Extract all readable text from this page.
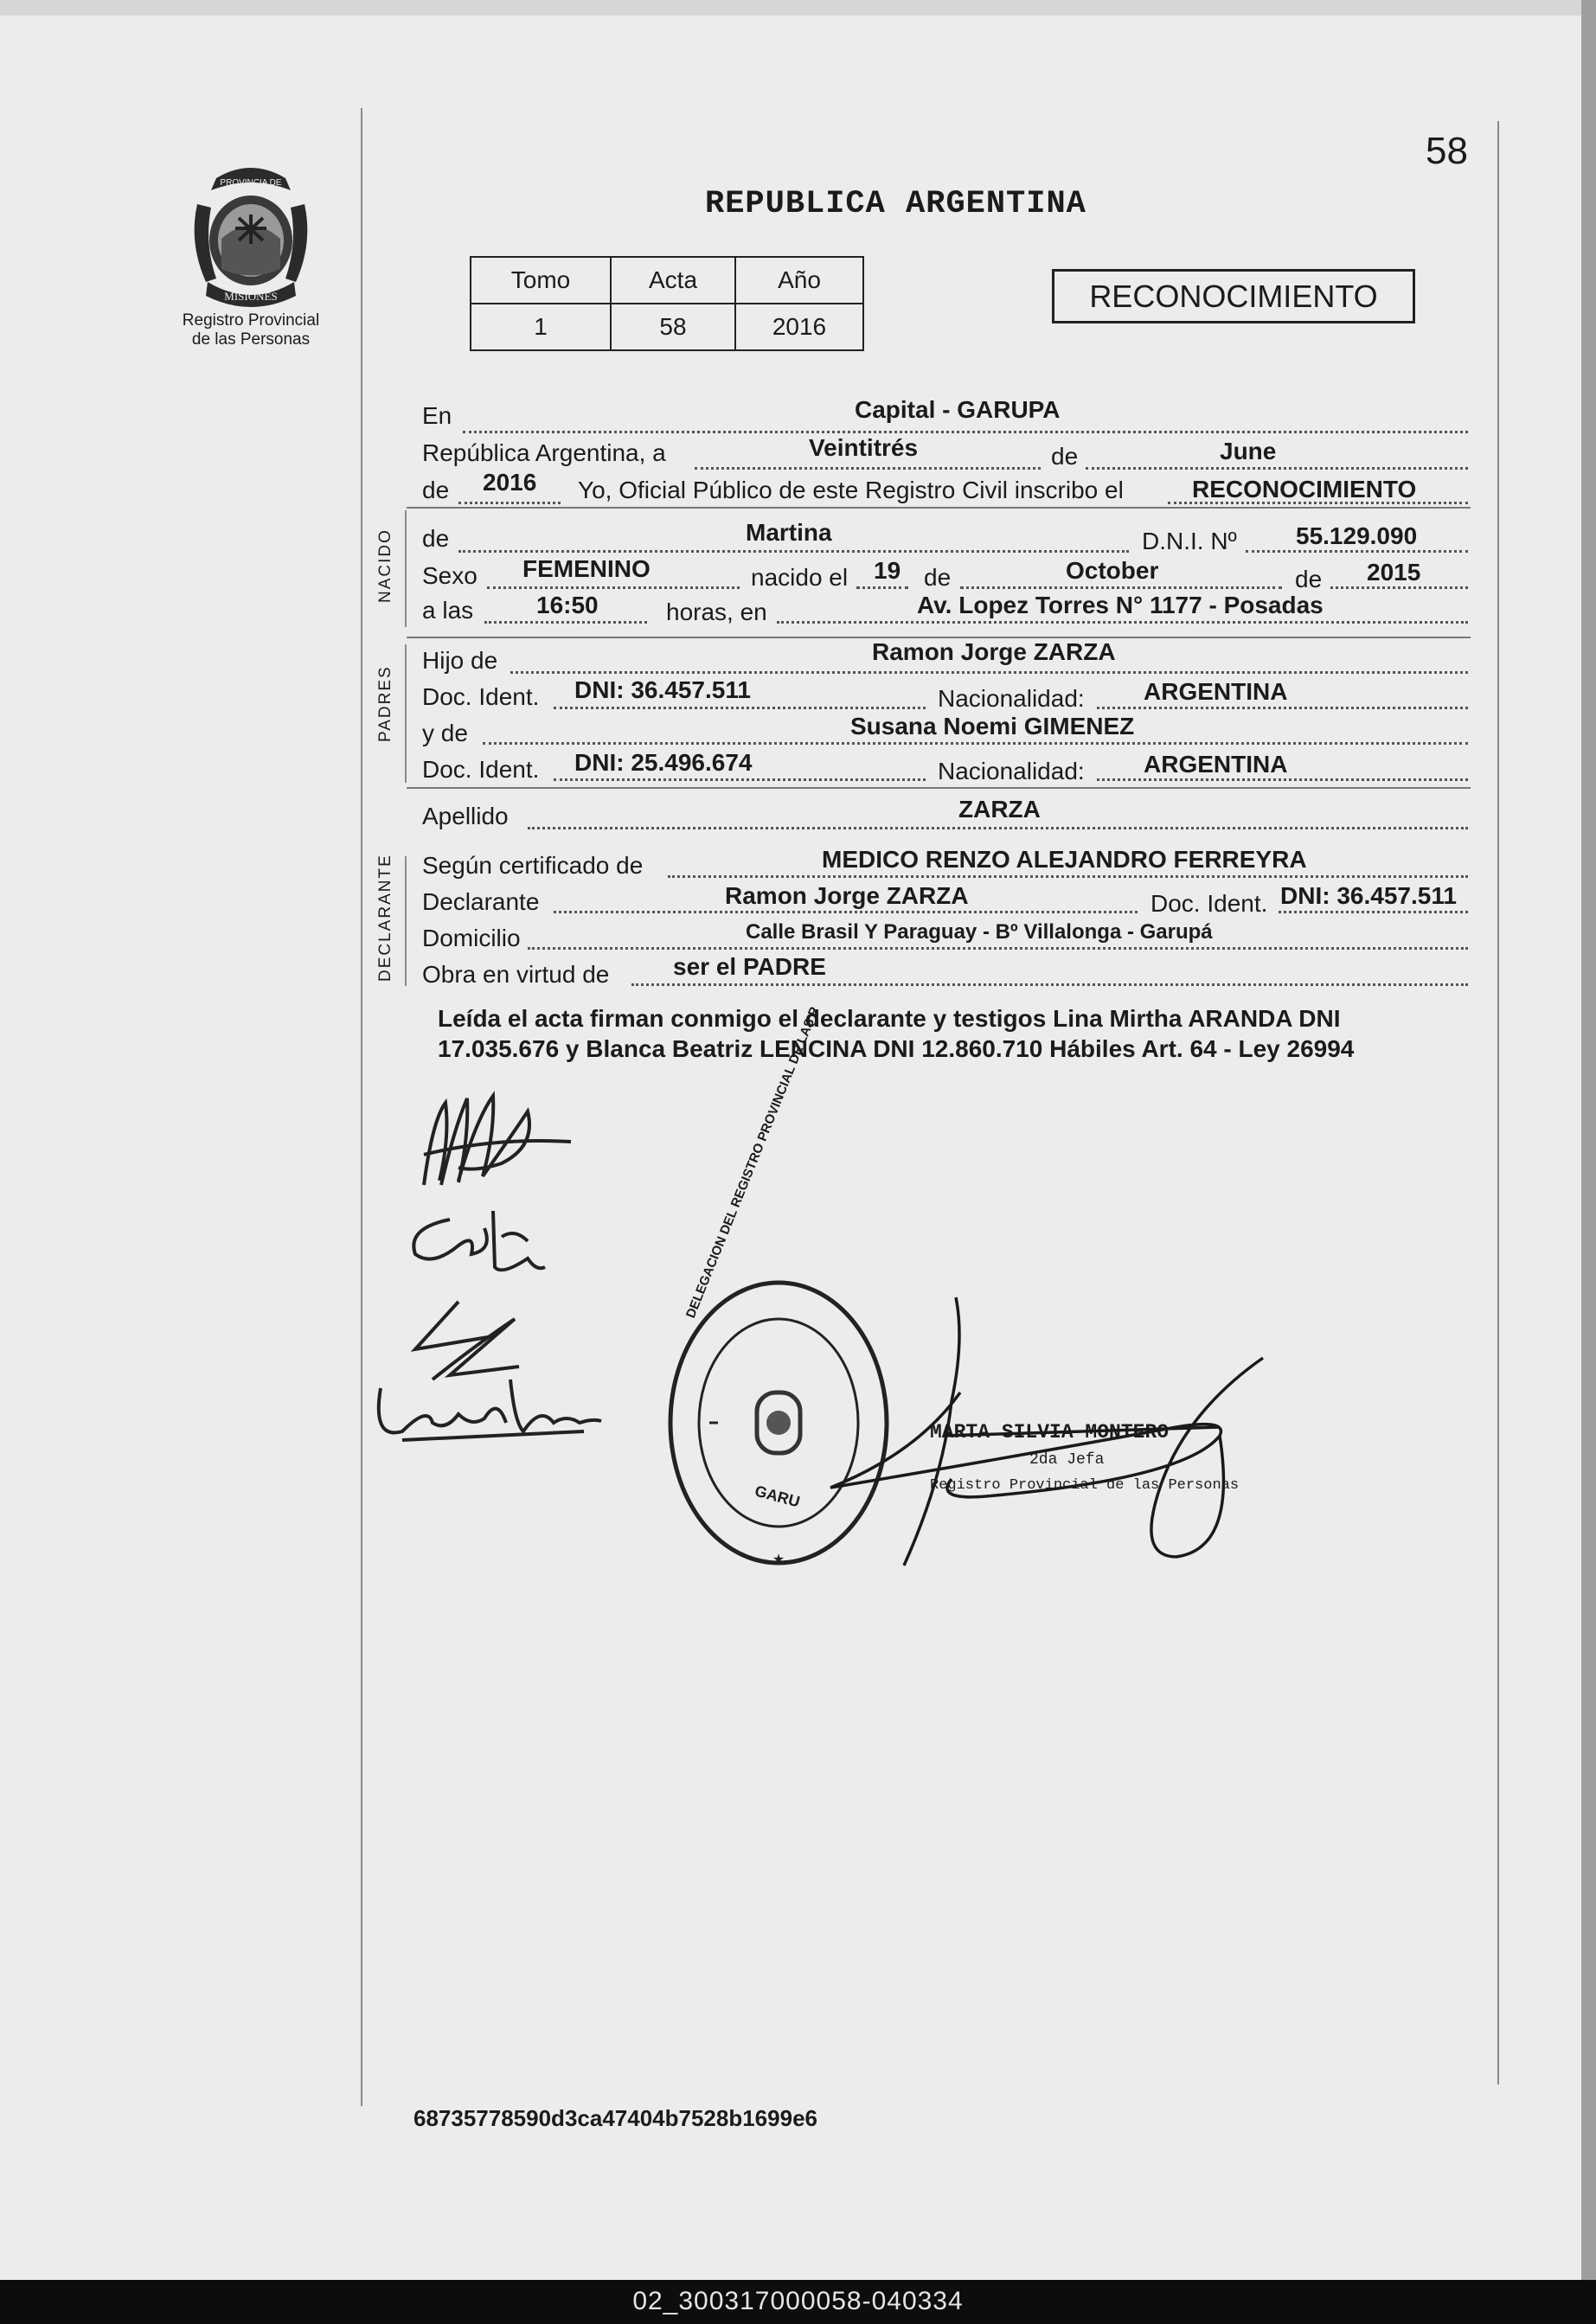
58
PROVINCIA DE
MISIONES
Registro Provincial
de las Personas
REPUBLICA ARGENTINA
Tomo	Acta	Año
1	58	2016
RECONOCIMIENTO
En	Capital - GARUPA
República Argentina, a	Veintitrés	de	June
de 2016 Yo, Oficial Público de este Registro Civil inscribo el	RECONOCIMIENTO
NACIDO de	Martina	D.N.I. Nº 55.129.090
Sexo FEMENINO	nacido el 19 de	October	de 2015
a las	16:50	horas, en	Av. Lopez Torres N° 1177 - Posadas
PADRES
Hijo de	Ramon Jorge ZARZA
Doc. Ident. DNI: 36.457.511	Nacionalidad: ARGENTINA
y de	Susana Noemi GIMENEZ
Doc. Ident. DNI: 25.496.674	Nacionalidad: ARGENTINA
Apellido	ZARZA
DECLARANTE Según certificado de	MEDICO RENZO ALEJANDRO FERREYRA
Declarante	Ramon Jorge ZARZA	Doc. Ident. DNI: 36.457.511
Domicilio	Calle Brasil Y Paraguay - Bº Villalonga - Garupá
Obra en virtud de	ser el PADRE
Leída el acta firman conmigo el declarante y testigos Lina Mirtha ARANDA DNI 17.035.676 y Blanca Beatriz LENCINA DNI 12.860.710 Hábiles Art. 64 - Ley 26994
★
DELEGACION DEL REGISTRO PROVINCIAL DE LAS P
GARU
MARTA SILVIA MONTERO
2da Jefa
Registro Provincial de las Personas
68735778590d3ca47404b7528b1699e6
02_300317000058-040334
